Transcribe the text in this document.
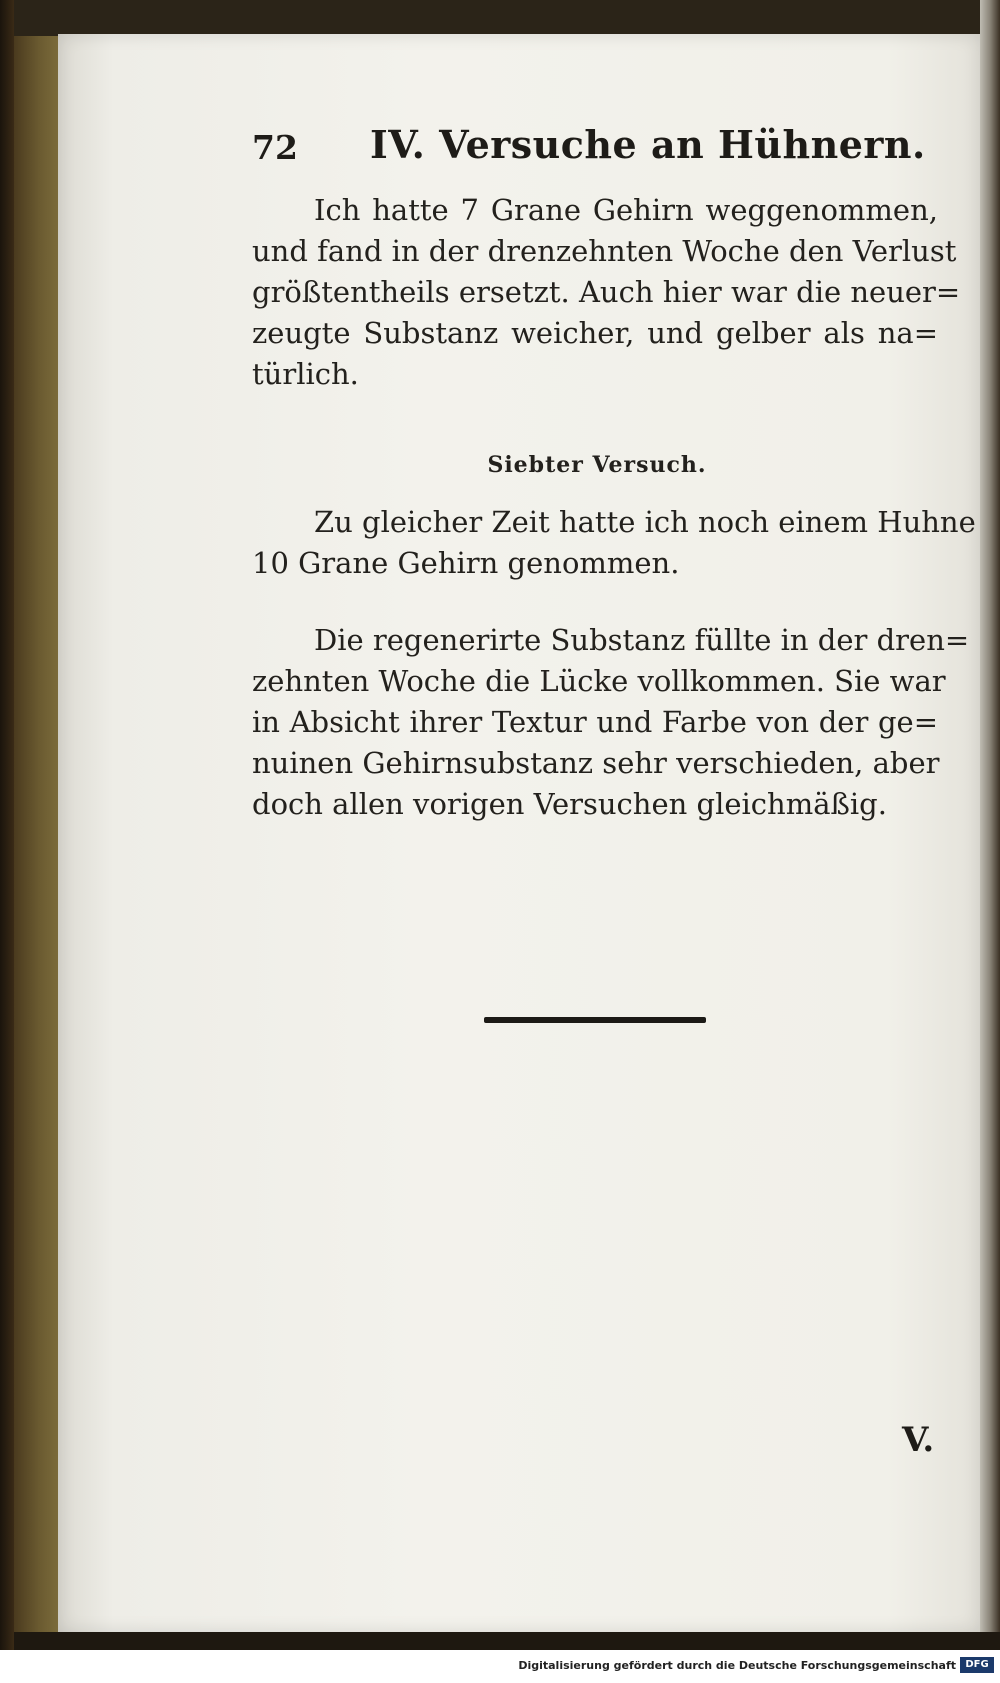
72 IV. Versuche an Hühnern.
Ich hatte 7 Grane Gehirn weggenommen,
und fand in der drenzehnten Woche den Verlust
größtentheils ersetzt. Auch hier war die neuer=
zeugte Substanz weicher, und gelber als na=
türlich.
Siebter Versuch.
Zu gleicher Zeit hatte ich noch einem Huhne
10 Grane Gehirn genommen.
Die regenerirte Substanz füllte in der dren=
zehnten Woche die Lücke vollkommen. Sie war
in Absicht ihrer Textur und Farbe von der ge=
nuinen Gehirnsubstanz sehr verschieden, aber
doch allen vorigen Versuchen gleichmäßig.
V.
Digitalisierung gefördert durch die Deutsche Forschungsgemeinschaft DFG
